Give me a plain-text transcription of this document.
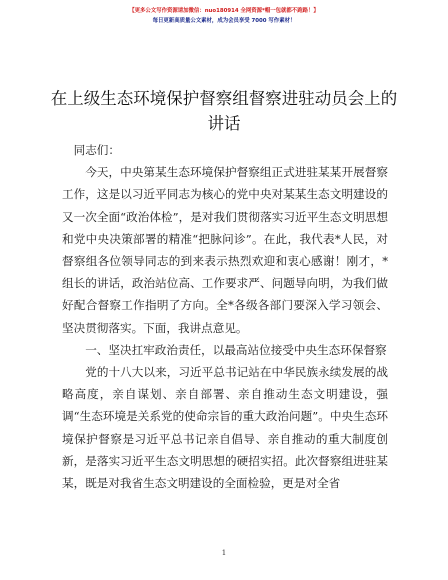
【更多公文写作资源请加微信：nuo180914 全网资源*帽一包就都不跑路！】
每日更新高质量公文素材，成为会员享受 7000 写作素材！
在上级生态环境保护督察组督察进驻动员会上的讲话

同志们：

今天，中央第某生态环境保护督察组正式进驻某某开展督察工作，这是以习近平同志为核心的党中央对某某生态文明建设的又一次全面“政治体检”，是对我们贯彻落实习近平生态文明思想和党中央决策部署的精准“把脉问诊”。在此，我代表*人民，对督察组各位领导同志的到来表示热烈欢迎和衷心感谢！刚才，*组长的讲话，政治站位高、工作要求严、问题导向明，为我们做好配合督察工作指明了方向。全*各级各部门要深入学习领会、坚决贯彻落实。下面，我讲点意见。

一、坚决扛牢政治责任，以最高站位接受中央生态环保督察

党的十八大以来，习近平总书记站在中华民族永续发展的战略高度，亲自谋划、亲自部署、亲自推动生态文明建设，强调“生态环境是关系党的使命宗旨的重大政治问题”。中央生态环境保护督察是习近平总书记亲自倡导、亲自推动的重大制度创新，是落实习近平生态文明思想的硬招实招。此次督察组进驻某某，既是对我省生态文明建设的全面检验，更是对全省

1
